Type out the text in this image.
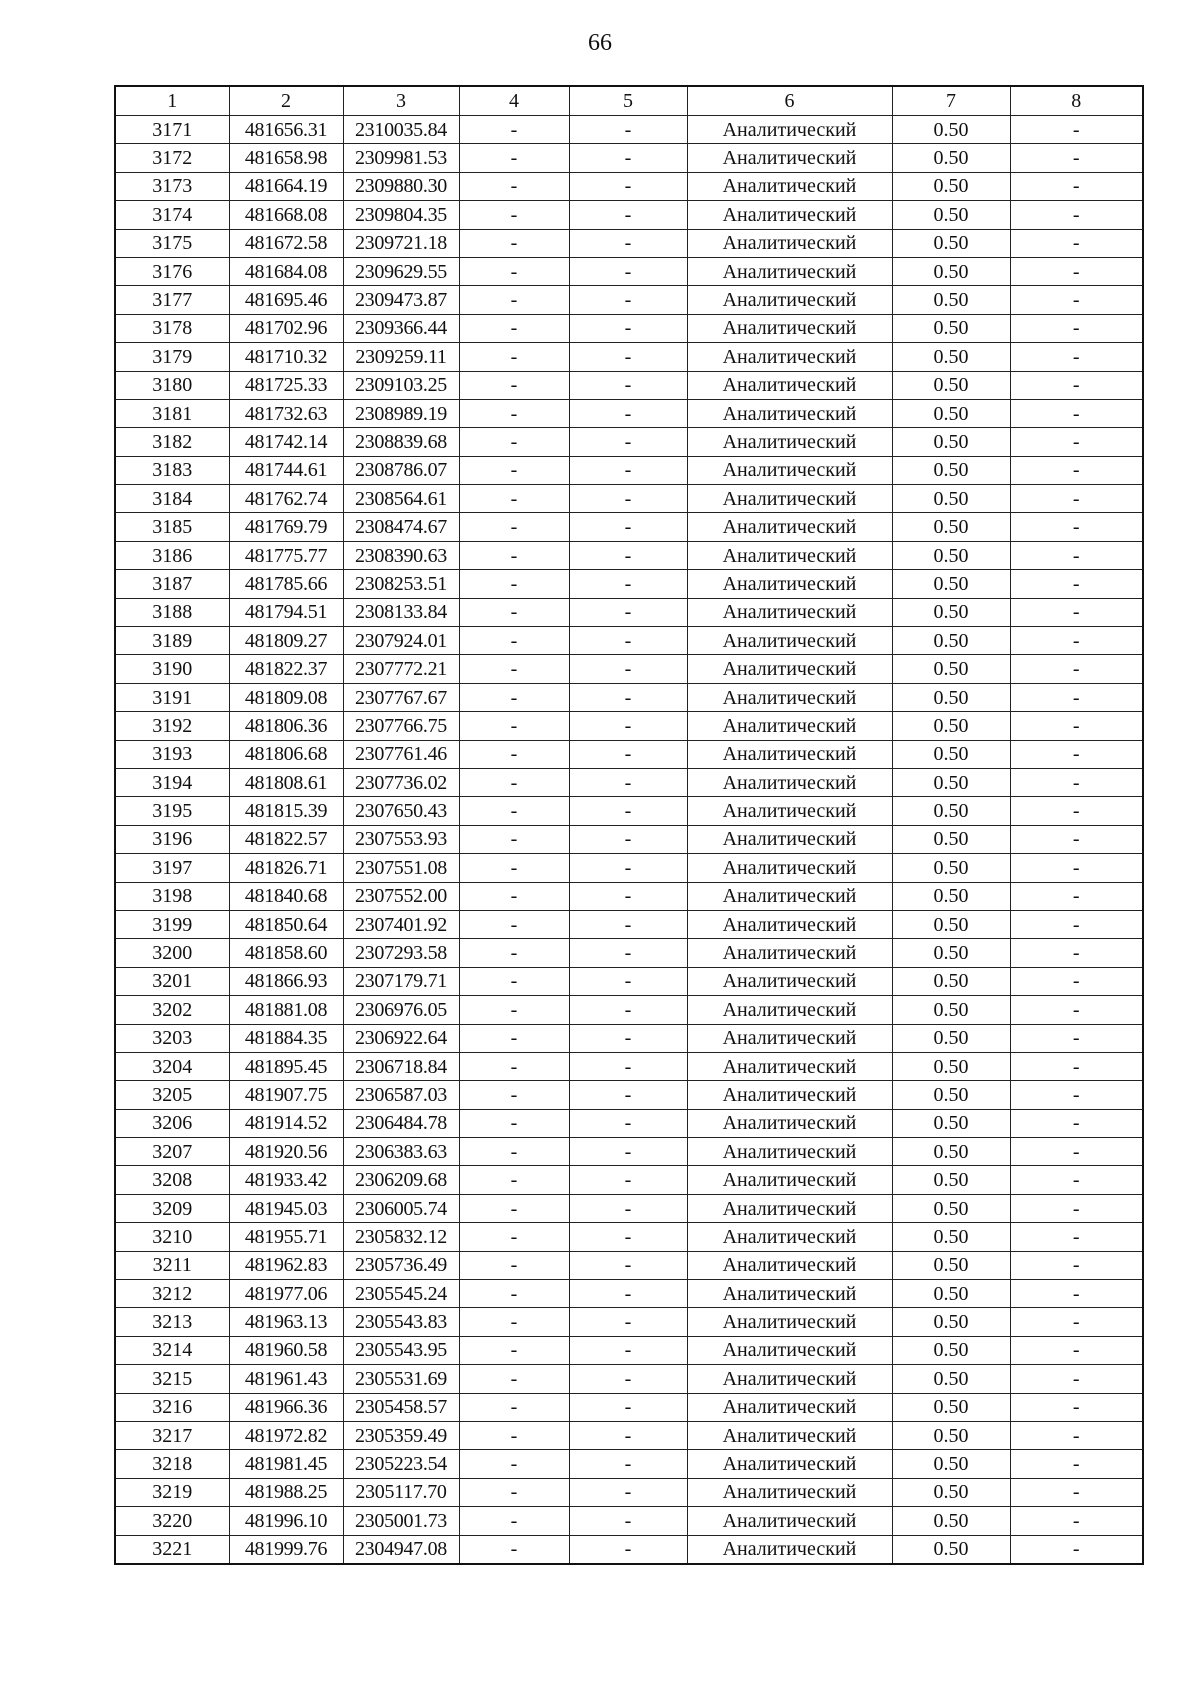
66
1	2	3	4	5	6	7	8
3171	481656.31	2310035.84	-	-	Аналитический	0.50	-
3172	481658.98	2309981.53	-	-	Аналитический	0.50	-
3173	481664.19	2309880.30	-	-	Аналитический	0.50	-
3174	481668.08	2309804.35	-	-	Аналитический	0.50	-
3175	481672.58	2309721.18	-	-	Аналитический	0.50	-
3176	481684.08	2309629.55	-	-	Аналитический	0.50	-
3177	481695.46	2309473.87	-	-	Аналитический	0.50	-
3178	481702.96	2309366.44	-	-	Аналитический	0.50	-
3179	481710.32	2309259.11	-	-	Аналитический	0.50	-
3180	481725.33	2309103.25	-	-	Аналитический	0.50	-
3181	481732.63	2308989.19	-	-	Аналитический	0.50	-
3182	481742.14	2308839.68	-	-	Аналитический	0.50	-
3183	481744.61	2308786.07	-	-	Аналитический	0.50	-
3184	481762.74	2308564.61	-	-	Аналитический	0.50	-
3185	481769.79	2308474.67	-	-	Аналитический	0.50	-
3186	481775.77	2308390.63	-	-	Аналитический	0.50	-
3187	481785.66	2308253.51	-	-	Аналитический	0.50	-
3188	481794.51	2308133.84	-	-	Аналитический	0.50	-
3189	481809.27	2307924.01	-	-	Аналитический	0.50	-
3190	481822.37	2307772.21	-	-	Аналитический	0.50	-
3191	481809.08	2307767.67	-	-	Аналитический	0.50	-
3192	481806.36	2307766.75	-	-	Аналитический	0.50	-
3193	481806.68	2307761.46	-	-	Аналитический	0.50	-
3194	481808.61	2307736.02	-	-	Аналитический	0.50	-
3195	481815.39	2307650.43	-	-	Аналитический	0.50	-
3196	481822.57	2307553.93	-	-	Аналитический	0.50	-
3197	481826.71	2307551.08	-	-	Аналитический	0.50	-
3198	481840.68	2307552.00	-	-	Аналитический	0.50	-
3199	481850.64	2307401.92	-	-	Аналитический	0.50	-
3200	481858.60	2307293.58	-	-	Аналитический	0.50	-
3201	481866.93	2307179.71	-	-	Аналитический	0.50	-
3202	481881.08	2306976.05	-	-	Аналитический	0.50	-
3203	481884.35	2306922.64	-	-	Аналитический	0.50	-
3204	481895.45	2306718.84	-	-	Аналитический	0.50	-
3205	481907.75	2306587.03	-	-	Аналитический	0.50	-
3206	481914.52	2306484.78	-	-	Аналитический	0.50	-
3207	481920.56	2306383.63	-	-	Аналитический	0.50	-
3208	481933.42	2306209.68	-	-	Аналитический	0.50	-
3209	481945.03	2306005.74	-	-	Аналитический	0.50	-
3210	481955.71	2305832.12	-	-	Аналитический	0.50	-
3211	481962.83	2305736.49	-	-	Аналитический	0.50	-
3212	481977.06	2305545.24	-	-	Аналитический	0.50	-
3213	481963.13	2305543.83	-	-	Аналитический	0.50	-
3214	481960.58	2305543.95	-	-	Аналитический	0.50	-
3215	481961.43	2305531.69	-	-	Аналитический	0.50	-
3216	481966.36	2305458.57	-	-	Аналитический	0.50	-
3217	481972.82	2305359.49	-	-	Аналитический	0.50	-
3218	481981.45	2305223.54	-	-	Аналитический	0.50	-
3219	481988.25	2305117.70	-	-	Аналитический	0.50	-
3220	481996.10	2305001.73	-	-	Аналитический	0.50	-
3221	481999.76	2304947.08	-	-	Аналитический	0.50	-
